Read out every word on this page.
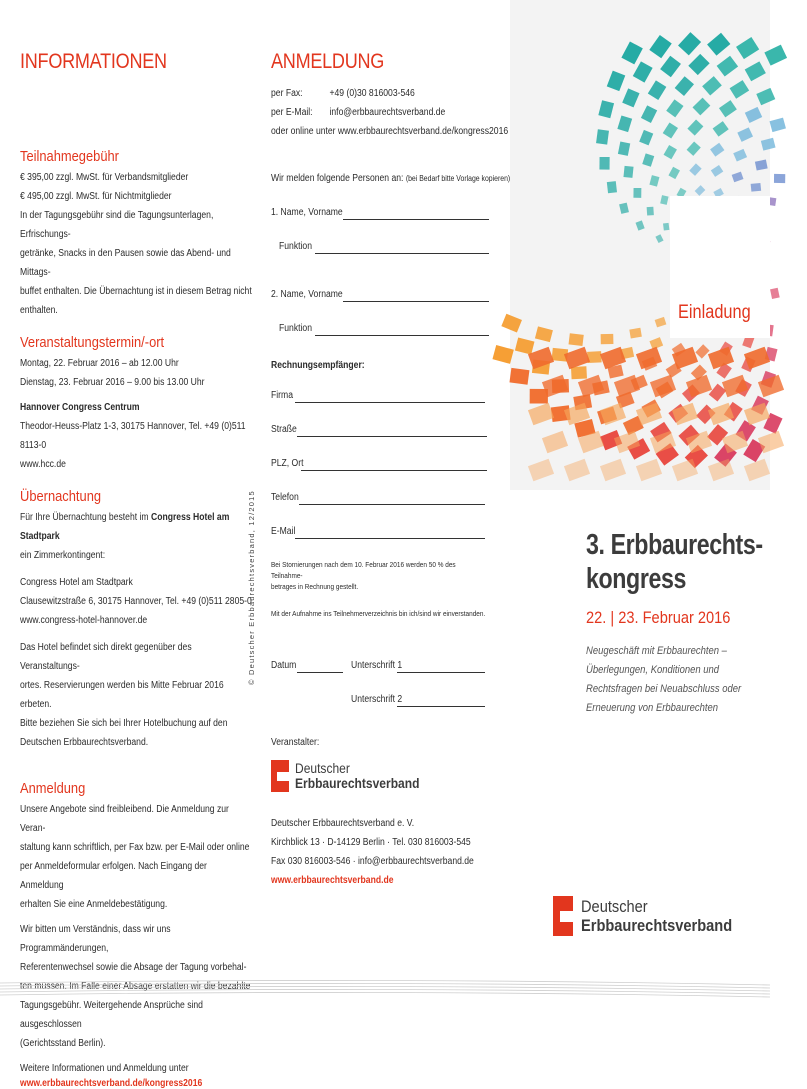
INFORMATIONEN
Teilnahmegebühr
€ 395,00 zzgl. MwSt. für Verbandsmitglieder
€ 495,00 zzgl. MwSt. für Nichtmitglieder
In der Tagungsgebühr sind die Tagungsunterlagen, Erfrischungs-
getränke, Snacks in den Pausen sowie das Abend- und Mittags-
buffet enthalten. Die Übernachtung ist in diesem Betrag nicht
enthalten.
Veranstaltungstermin/-ort
Montag, 22. Februar 2016 – ab 12.00 Uhr
Dienstag, 23. Februar 2016 – 9.00 bis 13.00 Uhr
Hannover Congress Centrum
Theodor-Heuss-Platz 1-3, 30175 Hannover, Tel. +49 (0)511 8113-0
www.hcc.de
Übernachtung
Für Ihre Übernachtung besteht im Congress Hotel am Stadtpark
ein Zimmerkontingent:
Congress Hotel am Stadtpark
Clausewitzstraße 6, 30175 Hannover, Tel. +49 (0)511 2805-0
www.congress-hotel-hannover.de
Das Hotel befindet sich direkt gegenüber des Veranstaltungs-
ortes. Reservierungen werden bis Mitte Februar 2016 erbeten.
Bitte beziehen Sie sich bei Ihrer Hotelbuchung auf den
Deutschen Erbbaurechtsverband.
Anmeldung
Unsere Angebote sind freibleibend. Die Anmeldung zur Veran-
staltung kann schriftlich, per Fax bzw. per E-Mail oder online
per Anmeldeformular erfolgen. Nach Eingang der Anmeldung
erhalten Sie eine Anmeldebestätigung.
Wir bitten um Verständnis, dass wir uns Programmänderungen,
Referentenwechsel sowie die Absage der Tagung vorbehal-
ten müssen. Im Falle einer Absage erstatten wir die bezahlte
Tagungsgebühr. Weitergehende Ansprüche sind ausgeschlossen
(Gerichtsstand Berlin).
Weitere Informationen und Anmeldung unter
www.erbbaurechtsverband.de/kongress2016
© Deutscher Erbbaurechtsverband, 12/2015
ANMELDUNG
per Fax:	+49 (0)30 816003-546
per E-Mail: info@erbbaurechtsverband.de
oder online unter www.erbbaurechtsverband.de/kongress2016
Wir melden folgende Personen an: (bei Bedarf bitte Vorlage kopieren)
1. Name, Vorname
Funktion
2. Name, Vorname
Funktion
Rechnungsempfänger:
Firma
Straße
PLZ, Ort
Telefon
E-Mail
Bei Stornierungen nach dem 10. Februar 2016 werden 50 % des Teilnahme-
betrages in Rechnung gestellt.
Mit der Aufnahme ins Teilnehmerverzeichnis bin ich/sind wir einverstanden.
Datum	Unterschrift 1
Unterschrift 2
Veranstalter:
Deutscher
Erbbaurechtsverband
Deutscher Erbbaurechtsverband e. V.
Kirchblick 13 · D-14129 Berlin · Tel. 030 816003-545
Fax 030 816003-546 · info@erbbaurechtsverband.de
www.erbbaurechtsverband.de
Einladung
3. Erbbaurechts-
kongress
22. | 23. Februar 2016
Neugeschäft mit Erbbaurechten –
Überlegungen, Konditionen und
Rechtsfragen bei Neuabschluss oder
Erneuerung von Erbbaurechten
Deutscher
Erbbaurechtsverband
